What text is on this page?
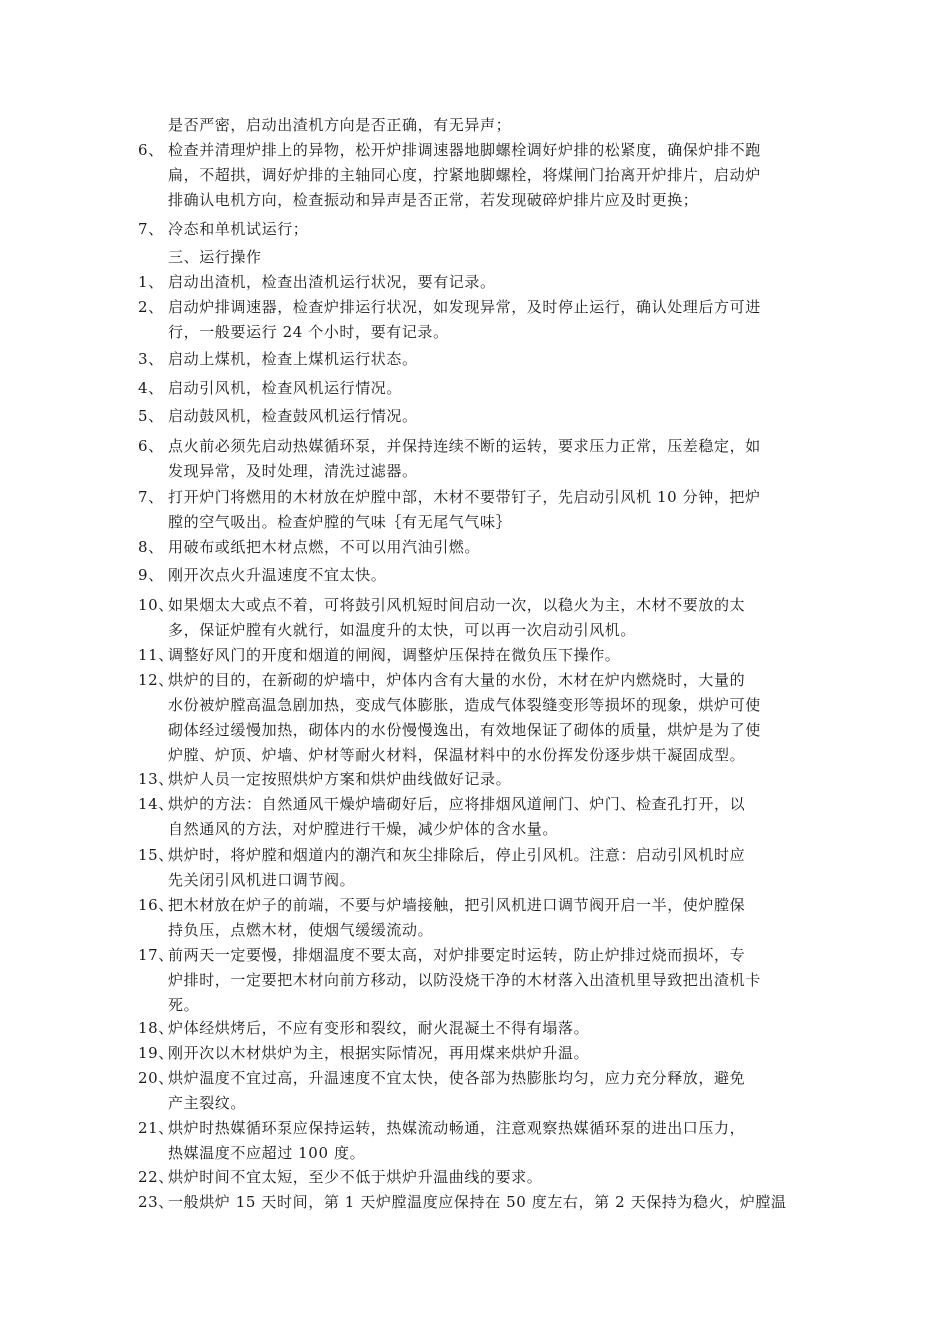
是否严密，启动出渣机方向是否正确，有无异声；
6、 检查并清理炉排上的异物，松开炉排调速器地脚螺栓调好炉排的松紧度，确保炉排不跑
扁，不超拱，调好炉排的主轴同心度，拧紧地脚螺栓，将煤闸门抬离开炉排片，启动炉
排确认电机方向，检查振动和异声是否正常，若发现破碎炉排片应及时更换；
7、 冷态和单机试运行；
三、运行操作
1、 启动出渣机，检查出渣机运行状况，要有记录。
2、 启动炉排调速器，检查炉排运行状况，如发现异常，及时停止运行，确认处理后方可进
行，一般要运行 24 个小时，要有记录。
3、 启动上煤机，检查上煤机运行状态。
4、 启动引风机，检查风机运行情况。
5、 启动鼓风机，检查鼓风机运行情况。
6、 点火前必须先启动热媒循环泵，并保持连续不断的运转，要求压力正常，压差稳定，如
发现异常，及时处理，清洗过滤器。
7、 打开炉门将燃用的木材放在炉膛中部，木材不要带钉子，先启动引风机 10 分钟，把炉
膛的空气吸出。检查炉膛的气味｛有无尾气气味｝
8、 用破布或纸把木材点燃，不可以用汽油引燃。
9、 刚开次点火升温速度不宜太快。
10、
如果烟太大或点不着，可将鼓引风机短时间启动一次，以稳火为主，木材不要放的太
多，保证炉膛有火就行，如温度升的太快，可以再一次启动引风机。
11、
调整好风门的开度和烟道的闸阀，调整炉压保持在微负压下操作。
12、
烘炉的目的，在新砌的炉墙中，炉体内含有大量的水份，木材在炉内燃烧时，大量的
水份被炉膛高温急剧加热，变成气体膨胀，造成气体裂缝变形等损坏的现象，烘炉可使
砌体经过缓慢加热，砌体内的水份慢慢逸出，有效地保证了砌体的质量，烘炉是为了使
炉膛、炉顶、炉墙、炉材等耐火材料，保温材料中的水份挥发份逐步烘干凝固成型。
13、
烘炉人员一定按照烘炉方案和烘炉曲线做好记录。
14、
烘炉的方法：自然通风干燥炉墙砌好后，应将排烟风道闸门、炉门、检查孔打开，以
自然通风的方法，对炉膛进行干燥，减少炉体的含水量。
15、
烘炉时，将炉膛和烟道内的潮汽和灰尘排除后，停止引风机。注意：启动引风机时应
先关闭引风机进口调节阀。
16、
把木材放在炉子的前端，不要与炉墙接触，把引风机进口调节阀开启一半，使炉膛保
持负压，点燃木材，使烟气缓缓流动。
17、
前两天一定要慢，排烟温度不要太高，对炉排要定时运转，防止炉排过烧而损坏，专
炉排时，一定要把木材向前方移动，以防没烧干净的木材落入出渣机里导致把出渣机卡
死。
18、
炉体经烘烤后，不应有变形和裂纹，耐火混凝土不得有塌落。
19、
刚开次以木材烘炉为主，根据实际情况，再用煤来烘炉升温。
20、
烘炉温度不宜过高，升温速度不宜太快，使各部为热膨胀均匀，应力充分释放，避免
产主裂纹。
21、
烘炉时热媒循环泵应保持运转，热媒流动畅通，注意观察热媒循环泵的进出口压力，
热媒温度不应超过 100 度。
22、
烘炉时间不宜太短，至少不低于烘炉升温曲线的要求。
23、
一般烘炉 15 天时间，第 1 天炉膛温度应保持在 50 度左右，第 2 天保持为稳火，炉膛温
